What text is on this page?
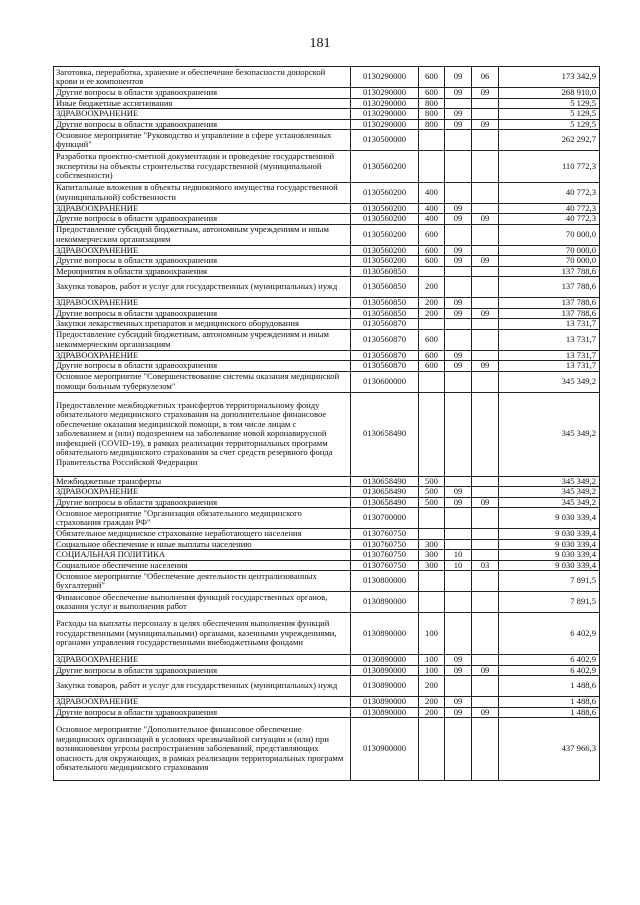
181
Заготовка, переработка, хранение и обеспечение безопасности донорской крови и ее компонентов	0130290000	600	09	06	173 342,9
Другие вопросы в области здравоохранения	0130290000	600	09	09	268 910,0
Иные бюджетные ассигнования	0130290000	800			5 129,5
ЗДРАВООХРАНЕНИЕ	0130290000	800	09		5 129,5
Другие вопросы в области здравоохранения	0130290000	800	09	09	5 129,5
Основное мероприятие "Руководство и управление в сфере установленных функций"	0130500000				262 292,7
Разработка проектно-сметной документации и проведение государственной экспертизы на объекты строительства государственной (муниципальной собственности)	0130560200				110 772,3
Капитальные вложения в объекты недвижимого имущества государственной (муниципальной) собственности	0130560200	400			40 772,3
ЗДРАВООХРАНЕНИЕ	0130560200	400	09		40 772,3
Другие вопросы в области здравоохранения	0130560200	400	09	09	40 772,3
Предоставление субсидий бюджетным, автономным учреждениям и иным некоммерческим организациям	0130560200	600			70 000,0
ЗДРАВООХРАНЕНИЕ	0130560200	600	09		70 000,0
Другие вопросы в области здравоохранения	0130560200	600	09	09	70 000,0
Мероприятия в области здравоохранения	0130560850				137 788,6
Закупка товаров, работ и услуг для государственных (муниципальных) нужд	0130560850	200			137 788,6
ЗДРАВООХРАНЕНИЕ	0130560850	200	09		137 788,6
Другие вопросы в области здравоохранения	0130560850	200	09	09	137 788,6
Закупки лекарственных препаратов и медицинского оборудования	0130560870				13 731,7
Предоставление субсидий бюджетным, автономным учреждениям и иным некоммерческим организациям	0130560870	600			13 731,7
ЗДРАВООХРАНЕНИЕ	0130560870	600	09		13 731,7
Другие вопросы в области здравоохранения	0130560870	600	09	09	13 731,7
Основное мероприятие "Совершенствование системы оказания медицинской помощи больным туберкулезом"	0130600000				345 349,2
Предоставление межбюджетных трансфертов территориальному фонду обязательного медицинского страхования на дополнительное финансовое обеспечение оказания медицинской помощи, в том числе лицам с заболеванием и (или) подозрением на заболевание новой коронавирусной инфекцией (COVID-19), в рамках реализации территориальных программ обязательного медицинского страхования за счет средств резервного фонда Правительства Российской Федерации	0130658490				345 349,2
Межбюджетные трансферты	0130658490	500			345 349,2
ЗДРАВООХРАНЕНИЕ	0130658490	500	09		345 349,2
Другие вопросы в области здравоохранения	0130658490	500	09	09	345 349,2
Основное мероприятие "Организация обязательного медицинского страхования граждан РФ"	0130700000				9 030 339,4
Обязательное медицинское страхование неработающего населения	0130760750				9 030 339,4
Социальное обеспечение и иные выплаты населению	0130760750	300			9 030 339,4
СОЦИАЛЬНАЯ ПОЛИТИКА	0130760750	300	10		9 030 339,4
Социальное обеспечение населения	0130760750	300	10	03	9 030 339,4
Основное мероприятие "Обеспечение деятельности централизованных бухгалтерий"	0130800000				7 891,5
Финансовое обеспечение выполнения функций государственных органов, оказания услуг и выполнения работ	0130890000				7 891,5
Расходы на выплаты персоналу в целях обеспечения выполнения функций государственными (муниципальными) органами, казенными учреждениями, органами управления государственными внебюджетными фондами	0130890000	100			6 402,9
ЗДРАВООХРАНЕНИЕ	0130890000	100	09		6 402,9
Другие вопросы в области здравоохранения	0130890000	100	09	09	6 402,9
Закупка товаров, работ и услуг для государственных (муниципальных) нужд	0130890000	200			1 488,6
ЗДРАВООХРАНЕНИЕ	0130890000	200	09		1 488,6
Другие вопросы в области здравоохранения	0130890000	200	09	09	1 488,6
Основное мероприятие "Дополнительное финансовое обеспечение медицинских организаций в условиях чрезвычайной ситуации и (или) при возникновении угрозы распространения заболеваний, представляющих опасность для окружающих, в рамках реализации территориальных программ обязательного медицинского страхования	0130900000				437 966,3
